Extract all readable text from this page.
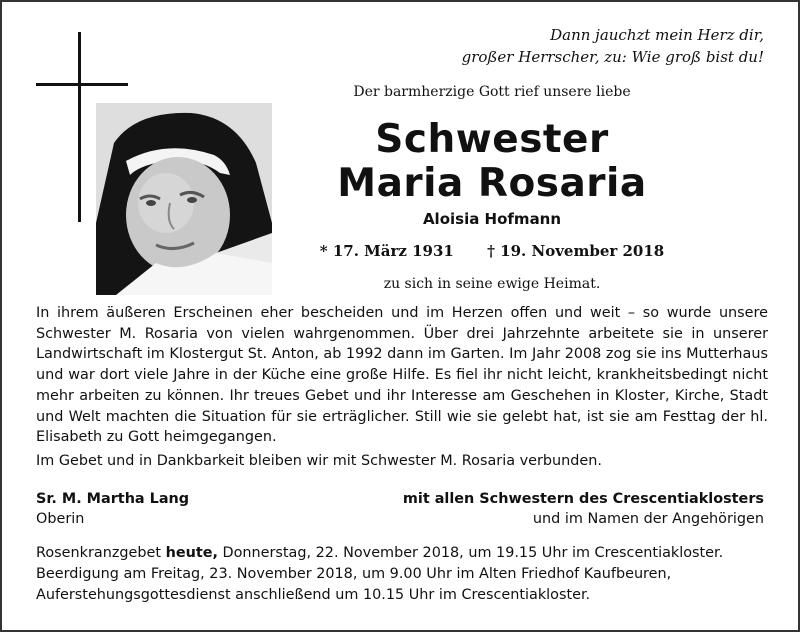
Dann jauchzt mein Herz dir,
großer Herrscher, zu: Wie groß bist du!
Der barmherzige Gott rief unsere liebe
Schwester
Maria Rosaria
Aloisia Hofmann
* 17. März 1931 † 19. November 2018
zu sich in seine ewige Heimat.

In ihrem äußeren Erscheinen eher bescheiden und im Herzen offen und weit – so wurde unsere Schwester M. Rosaria von vielen wahrgenommen. Über drei Jahrzehnte arbeitete sie in unserer Landwirtschaft im Klostergut St. Anton, ab 1992 dann im Garten. Im Jahr 2008 zog sie ins Mutterhaus und war dort viele Jahre in der Küche eine große Hilfe. Es fiel ihr nicht leicht, krankheitsbedingt nicht mehr arbeiten zu können. Ihr treues Gebet und ihr Interesse am Geschehen in Kloster, Kirche, Stadt und Welt machten die Situation für sie erträglicher. Still wie sie gelebt hat, ist sie am Festtag der hl. Elisabeth zu Gott heimgegangen.

Im Gebet und in Dankbarkeit bleiben wir mit Schwester M. Rosaria verbunden.
Sr. M. Martha Lang
Oberin
mit allen Schwestern des Crescentiaklosters
und im Namen der Angehörigen
Rosenkranzgebet heute, Donnerstag, 22. November 2018, um 19.15 Uhr im Crescentiakloster.
Beerdigung am Freitag, 23. November 2018, um 9.00 Uhr im Alten Friedhof Kaufbeuren,
Auferstehungsgottesdienst anschließend um 10.15 Uhr im Crescentiakloster.
